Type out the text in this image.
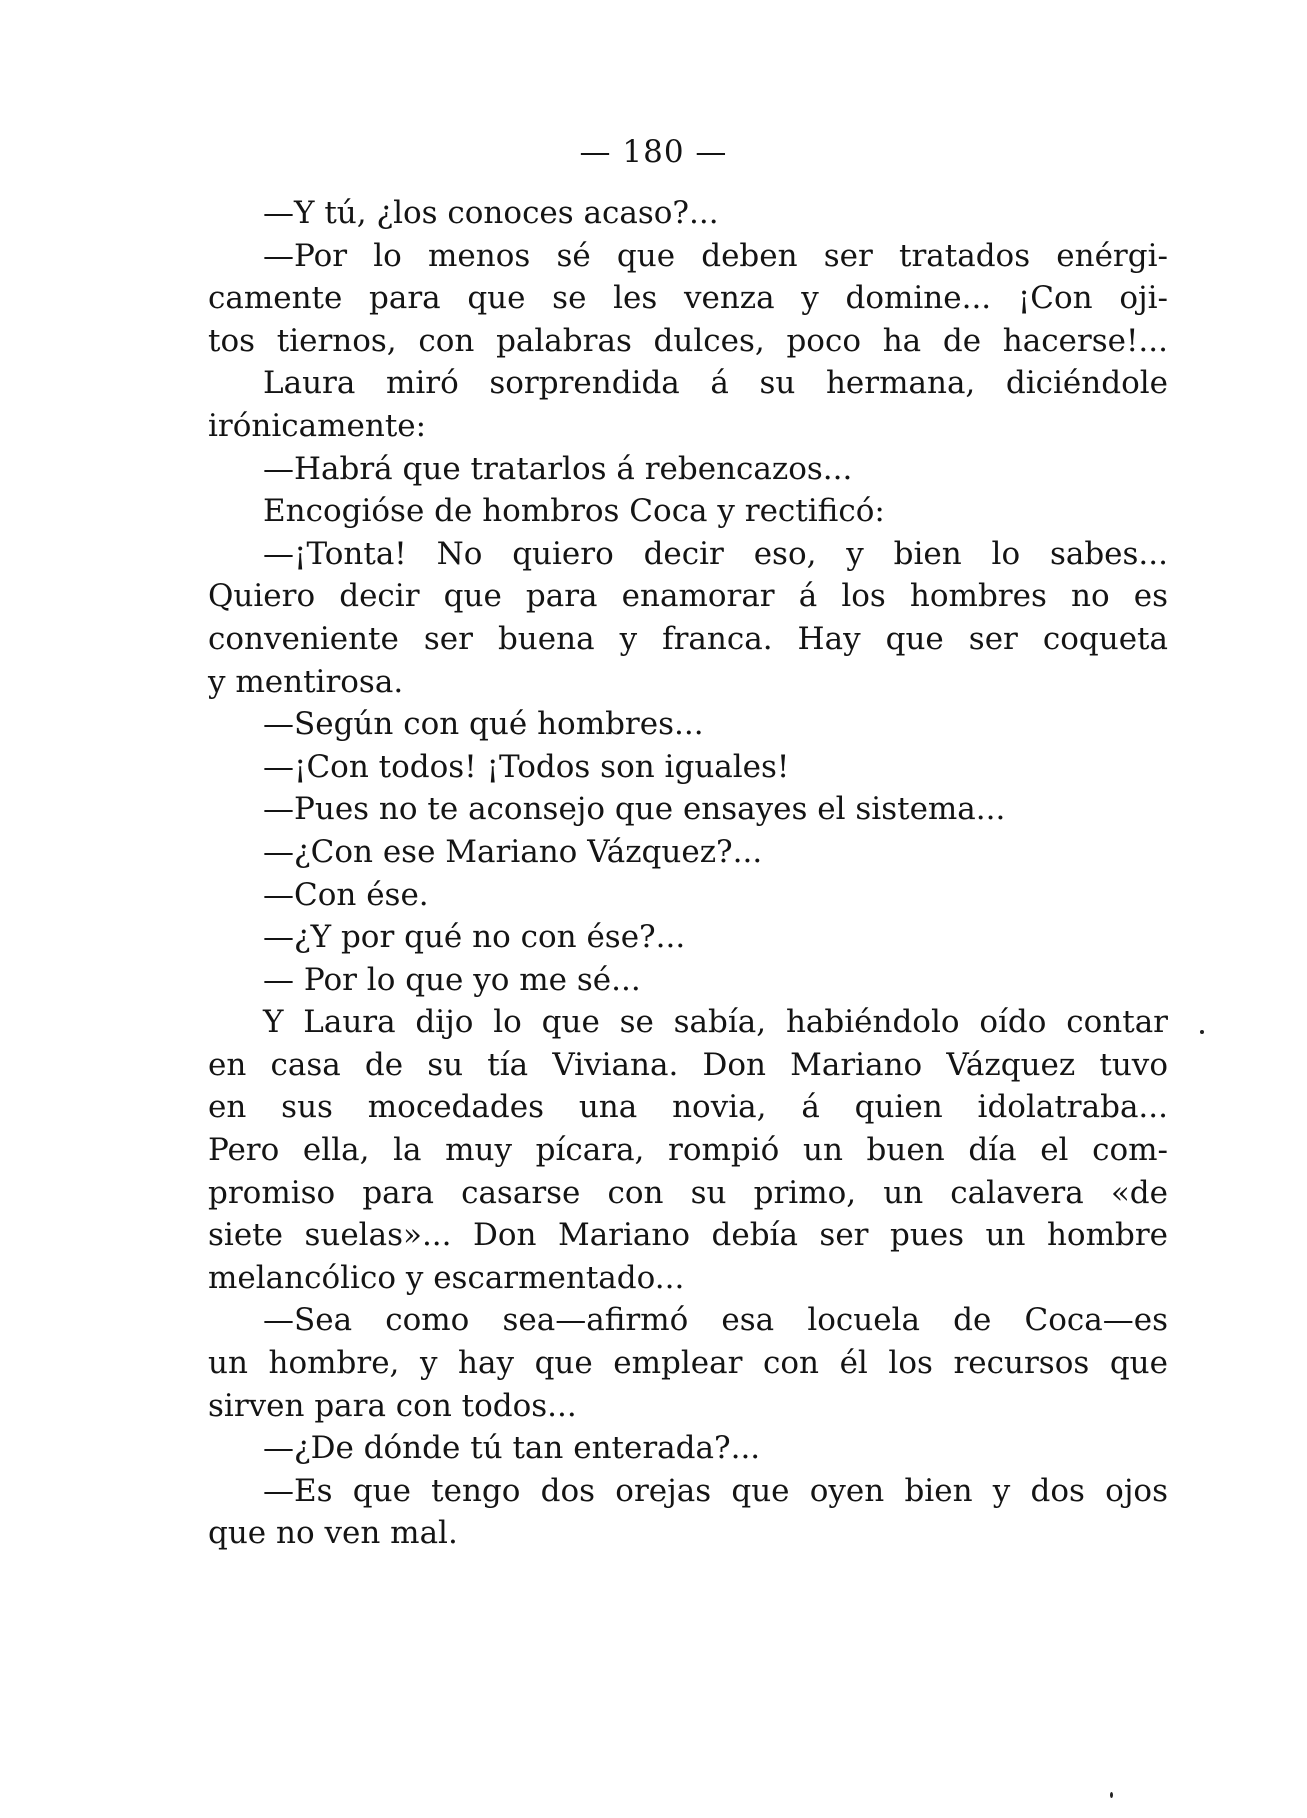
— 180 —
—Y tú, ¿los conoces acaso?...
—Por lo menos sé que deben ser tratados enérgi-
camente para que se les venza y domine... ¡Con oji-
tos tiernos, con palabras dulces, poco ha de hacerse!...
Laura miró sorprendida á su hermana, diciéndole
irónicamente:
—Habrá que tratarlos á rebencazos...
Encogióse de hombros Coca y rectificó:
—¡Tonta! No quiero decir eso, y bien lo sabes...
Quiero decir que para enamorar á los hombres no es
conveniente ser buena y franca. Hay que ser coqueta
y mentirosa.
—Según con qué hombres...
—¡Con todos! ¡Todos son iguales!
—Pues no te aconsejo que ensayes el sistema...
—¿Con ese Mariano Vázquez?...
—Con ése.
—¿Y por qué no con ése?...
— Por lo que yo me sé...
Y Laura dijo lo que se sabía, habiéndolo oído contar
en casa de su tía Viviana. Don Mariano Vázquez tuvo
en sus mocedades una novia, á quien idolatraba...
Pero ella, la muy pícara, rompió un buen día el com-
promiso para casarse con su primo, un calavera «de
siete suelas»... Don Mariano debía ser pues un hombre
melancólico y escarmentado...
—Sea como sea—afirmó esa locuela de Coca—es
un hombre, y hay que emplear con él los recursos que
sirven para con todos...
—¿De dónde tú tan enterada?...
—Es que tengo dos orejas que oyen bien y dos ojos
que no ven mal.
